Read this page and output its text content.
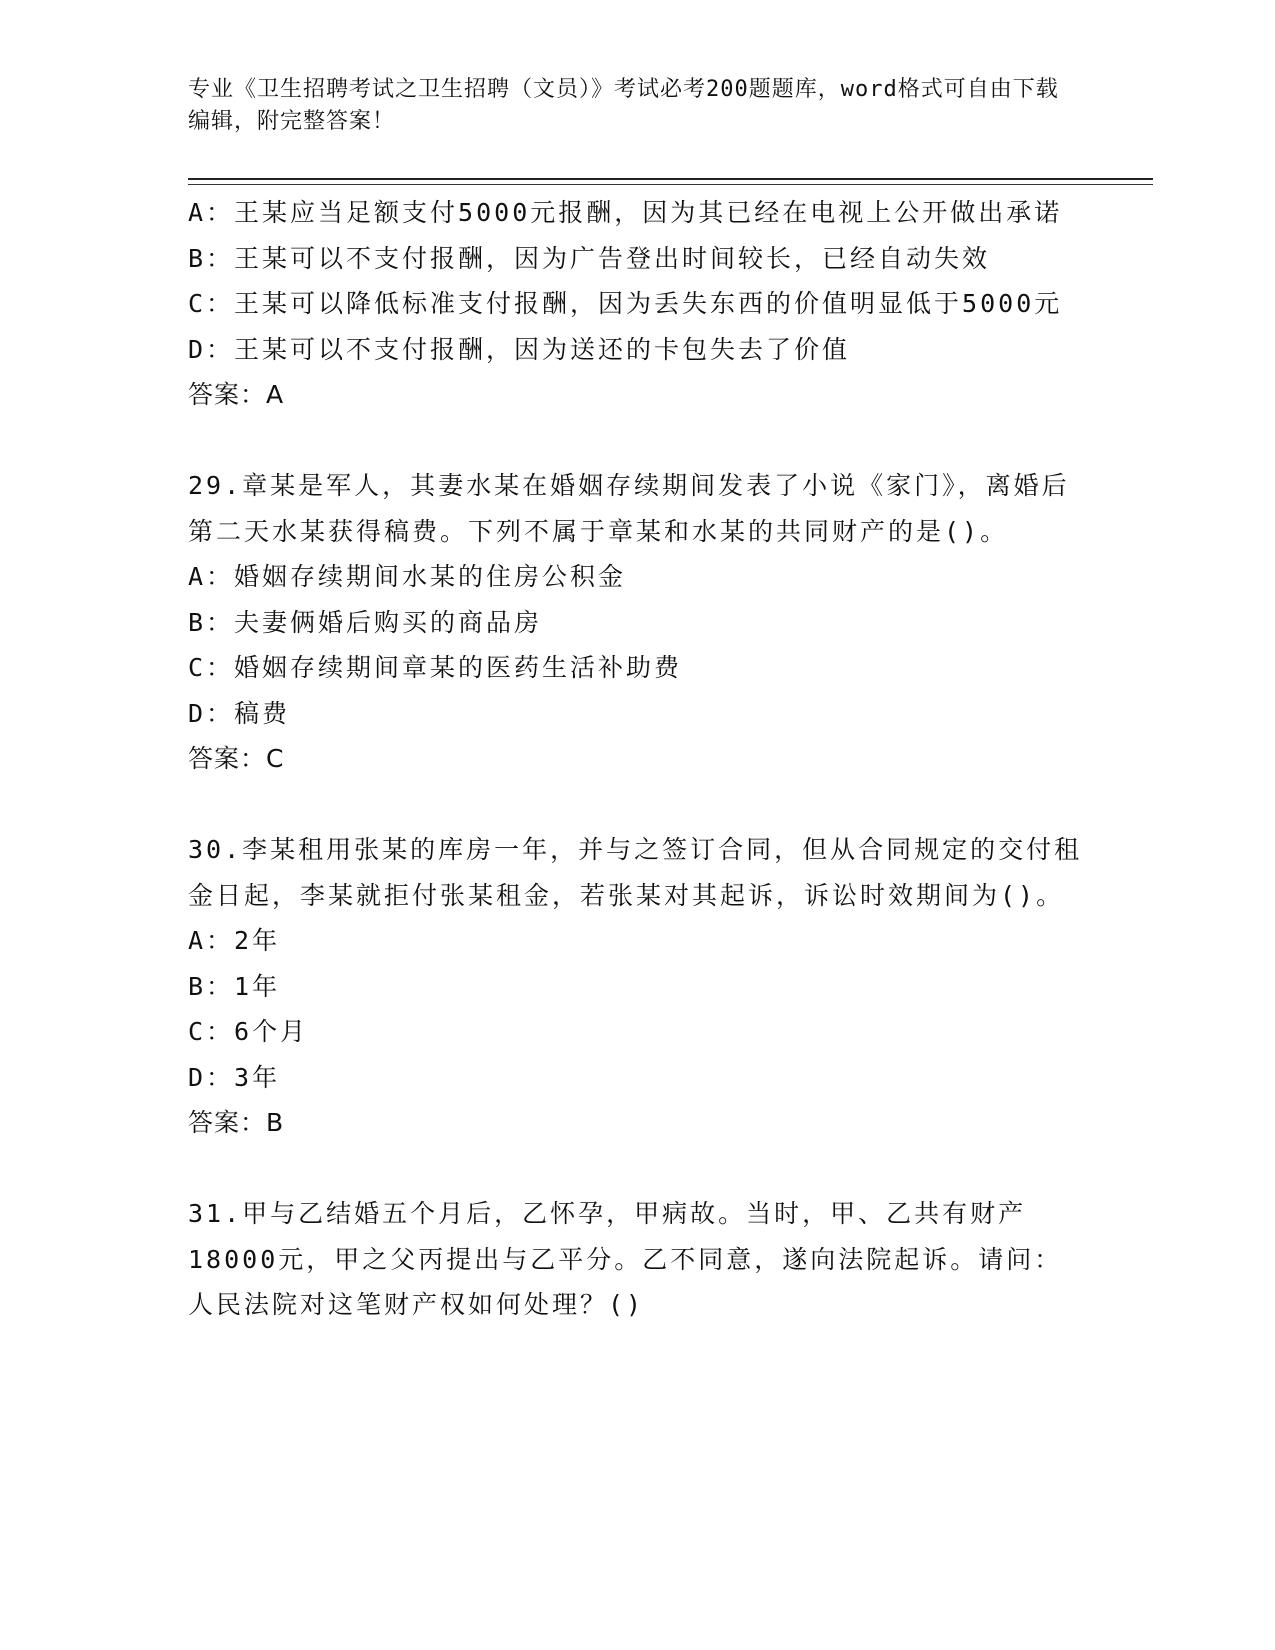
专业《卫生招聘考试之卫生招聘（文员）》考试必考200题题库，word格式可自由下载编辑，附完整答案！
A：王某应当足额支付5000元报酬，因为其已经在电视上公开做出承诺
B：王某可以不支付报酬，因为广告登出时间较长，已经自动失效
C：王某可以降低标准支付报酬，因为丢失东西的价值明显低于5000元
D：王某可以不支付报酬，因为送还的卡包失去了价值
答案：A
29.章某是军人，其妻水某在婚姻存续期间发表了小说《家门》，离婚后第二天水某获得稿费。下列不属于章某和水某的共同财产的是()。
A：婚姻存续期间水某的住房公积金
B：夫妻俩婚后购买的商品房
C：婚姻存续期间章某的医药生活补助费
D：稿费
答案：C
30.李某租用张某的库房一年，并与之签订合同，但从合同规定的交付租金日起，李某就拒付张某租金，若张某对其起诉，诉讼时效期间为()。
A：2年
B：1年
C：6个月
D：3年
答案：B
31.甲与乙结婚五个月后，乙怀孕，甲病故。当时，甲、乙共有财产18000元，甲之父丙提出与乙平分。乙不同意，遂向法院起诉。请问：人民法院对这笔财产权如何处理？()
